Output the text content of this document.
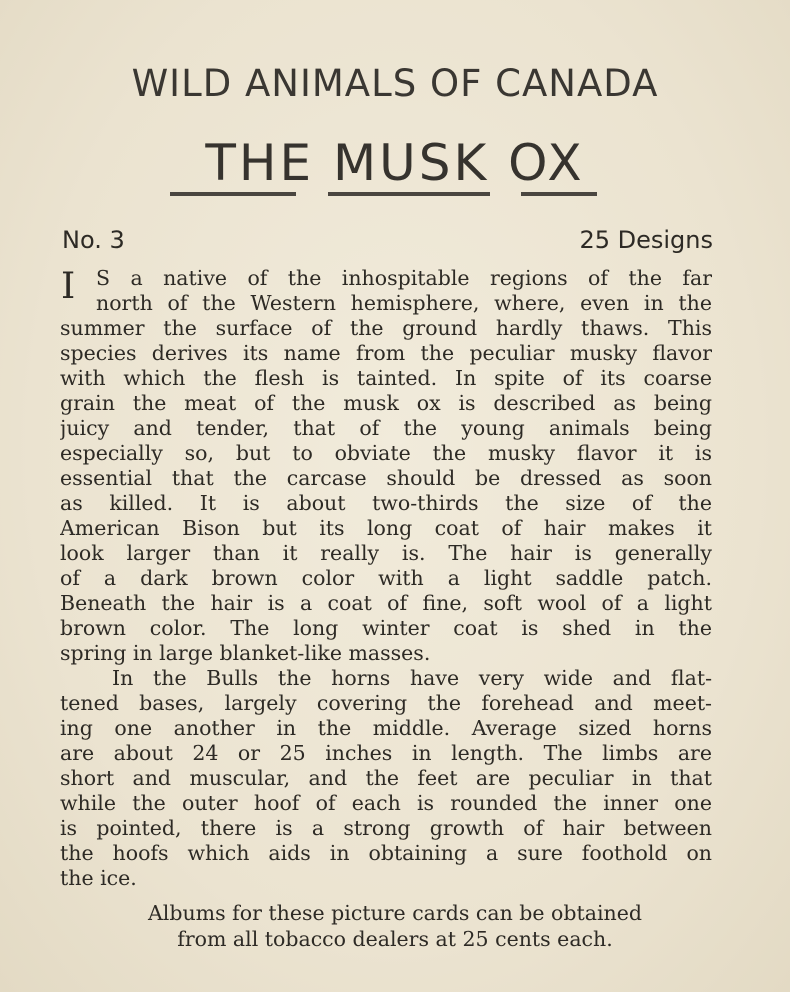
WILD ANIMALS OF CANADA
THE MUSK OX
No. 3	25 Designs
I	S a native of the inhospitable regions of the far
north of the Western hemisphere, where, even in the
summer the surface of the ground hardly thaws. This
species derives its name from the peculiar musky flavor
with which the flesh is tainted. In spite of its coarse
grain the meat of the musk ox is described as being
juicy and tender, that of the young animals being
especially so, but to obviate the musky flavor it is
essential that the carcase should be dressed as soon
as killed. It is about two-thirds the size of the
American Bison but its long coat of hair makes it
look larger than it really is. The hair is generally
of a dark brown color with a light saddle patch.
Beneath the hair is a coat of fine, soft wool of a light
brown color. The long winter coat is shed in the
spring in large blanket-like masses.
In the Bulls the horns have very wide and flat-
tened bases, largely covering the forehead and meet-
ing one another in the middle. Average sized horns
are about 24 or 25 inches in length. The limbs are
short and muscular, and the feet are peculiar in that
while the outer hoof of each is rounded the inner one
is pointed, there is a strong growth of hair between
the hoofs which aids in obtaining a sure foothold on
the ice.
Albums for these picture cards can be obtained
from all tobacco dealers at 25 cents each.
